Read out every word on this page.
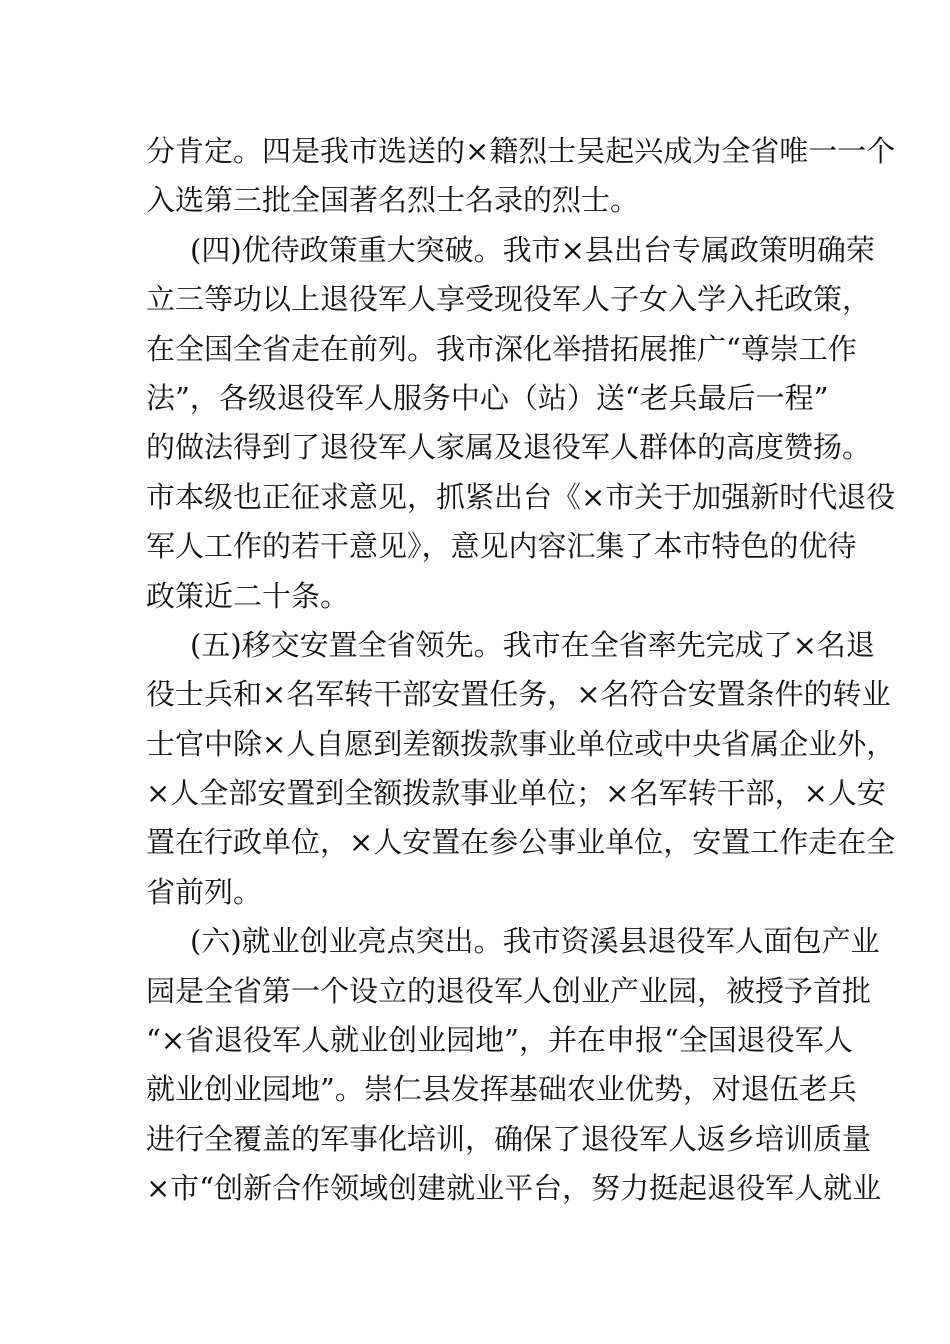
分肯定。四是我市选送的×籍烈士吴起兴成为全省唯一一个
入选第三批全国著名烈士名录的烈士。
(四)优待政策重大突破。我市×县出台专属政策明确荣
立三等功以上退役军人享受现役军人子女入学入托政策，
在全国全省走在前列。我市深化举措拓展推广“尊崇工作
法”，各级退役军人服务中心（站）送“老兵最后一程”
的做法得到了退役军人家属及退役军人群体的高度赞扬。
市本级也正征求意见，抓紧出台《×市关于加强新时代退役
军人工作的若干意见》，意见内容汇集了本市特色的优待
政策近二十条。
(五)移交安置全省领先。我市在全省率先完成了×名退
役士兵和×名军转干部安置任务，×名符合安置条件的转业
士官中除×人自愿到差额拨款事业单位或中央省属企业外，
×人全部安置到全额拨款事业单位；×名军转干部，×人安
置在行政单位，×人安置在参公事业单位，安置工作走在全
省前列。
(六)就业创业亮点突出。我市资溪县退役军人面包产业
园是全省第一个设立的退役军人创业产业园，被授予首批
“×省退役军人就业创业园地”，并在申报“全国退役军人
就业创业园地”。崇仁县发挥基础农业优势，对退伍老兵
进行全覆盖的军事化培训，确保了退役军人返乡培训质量
×市“创新合作领域创建就业平台，努力挺起退役军人就业
